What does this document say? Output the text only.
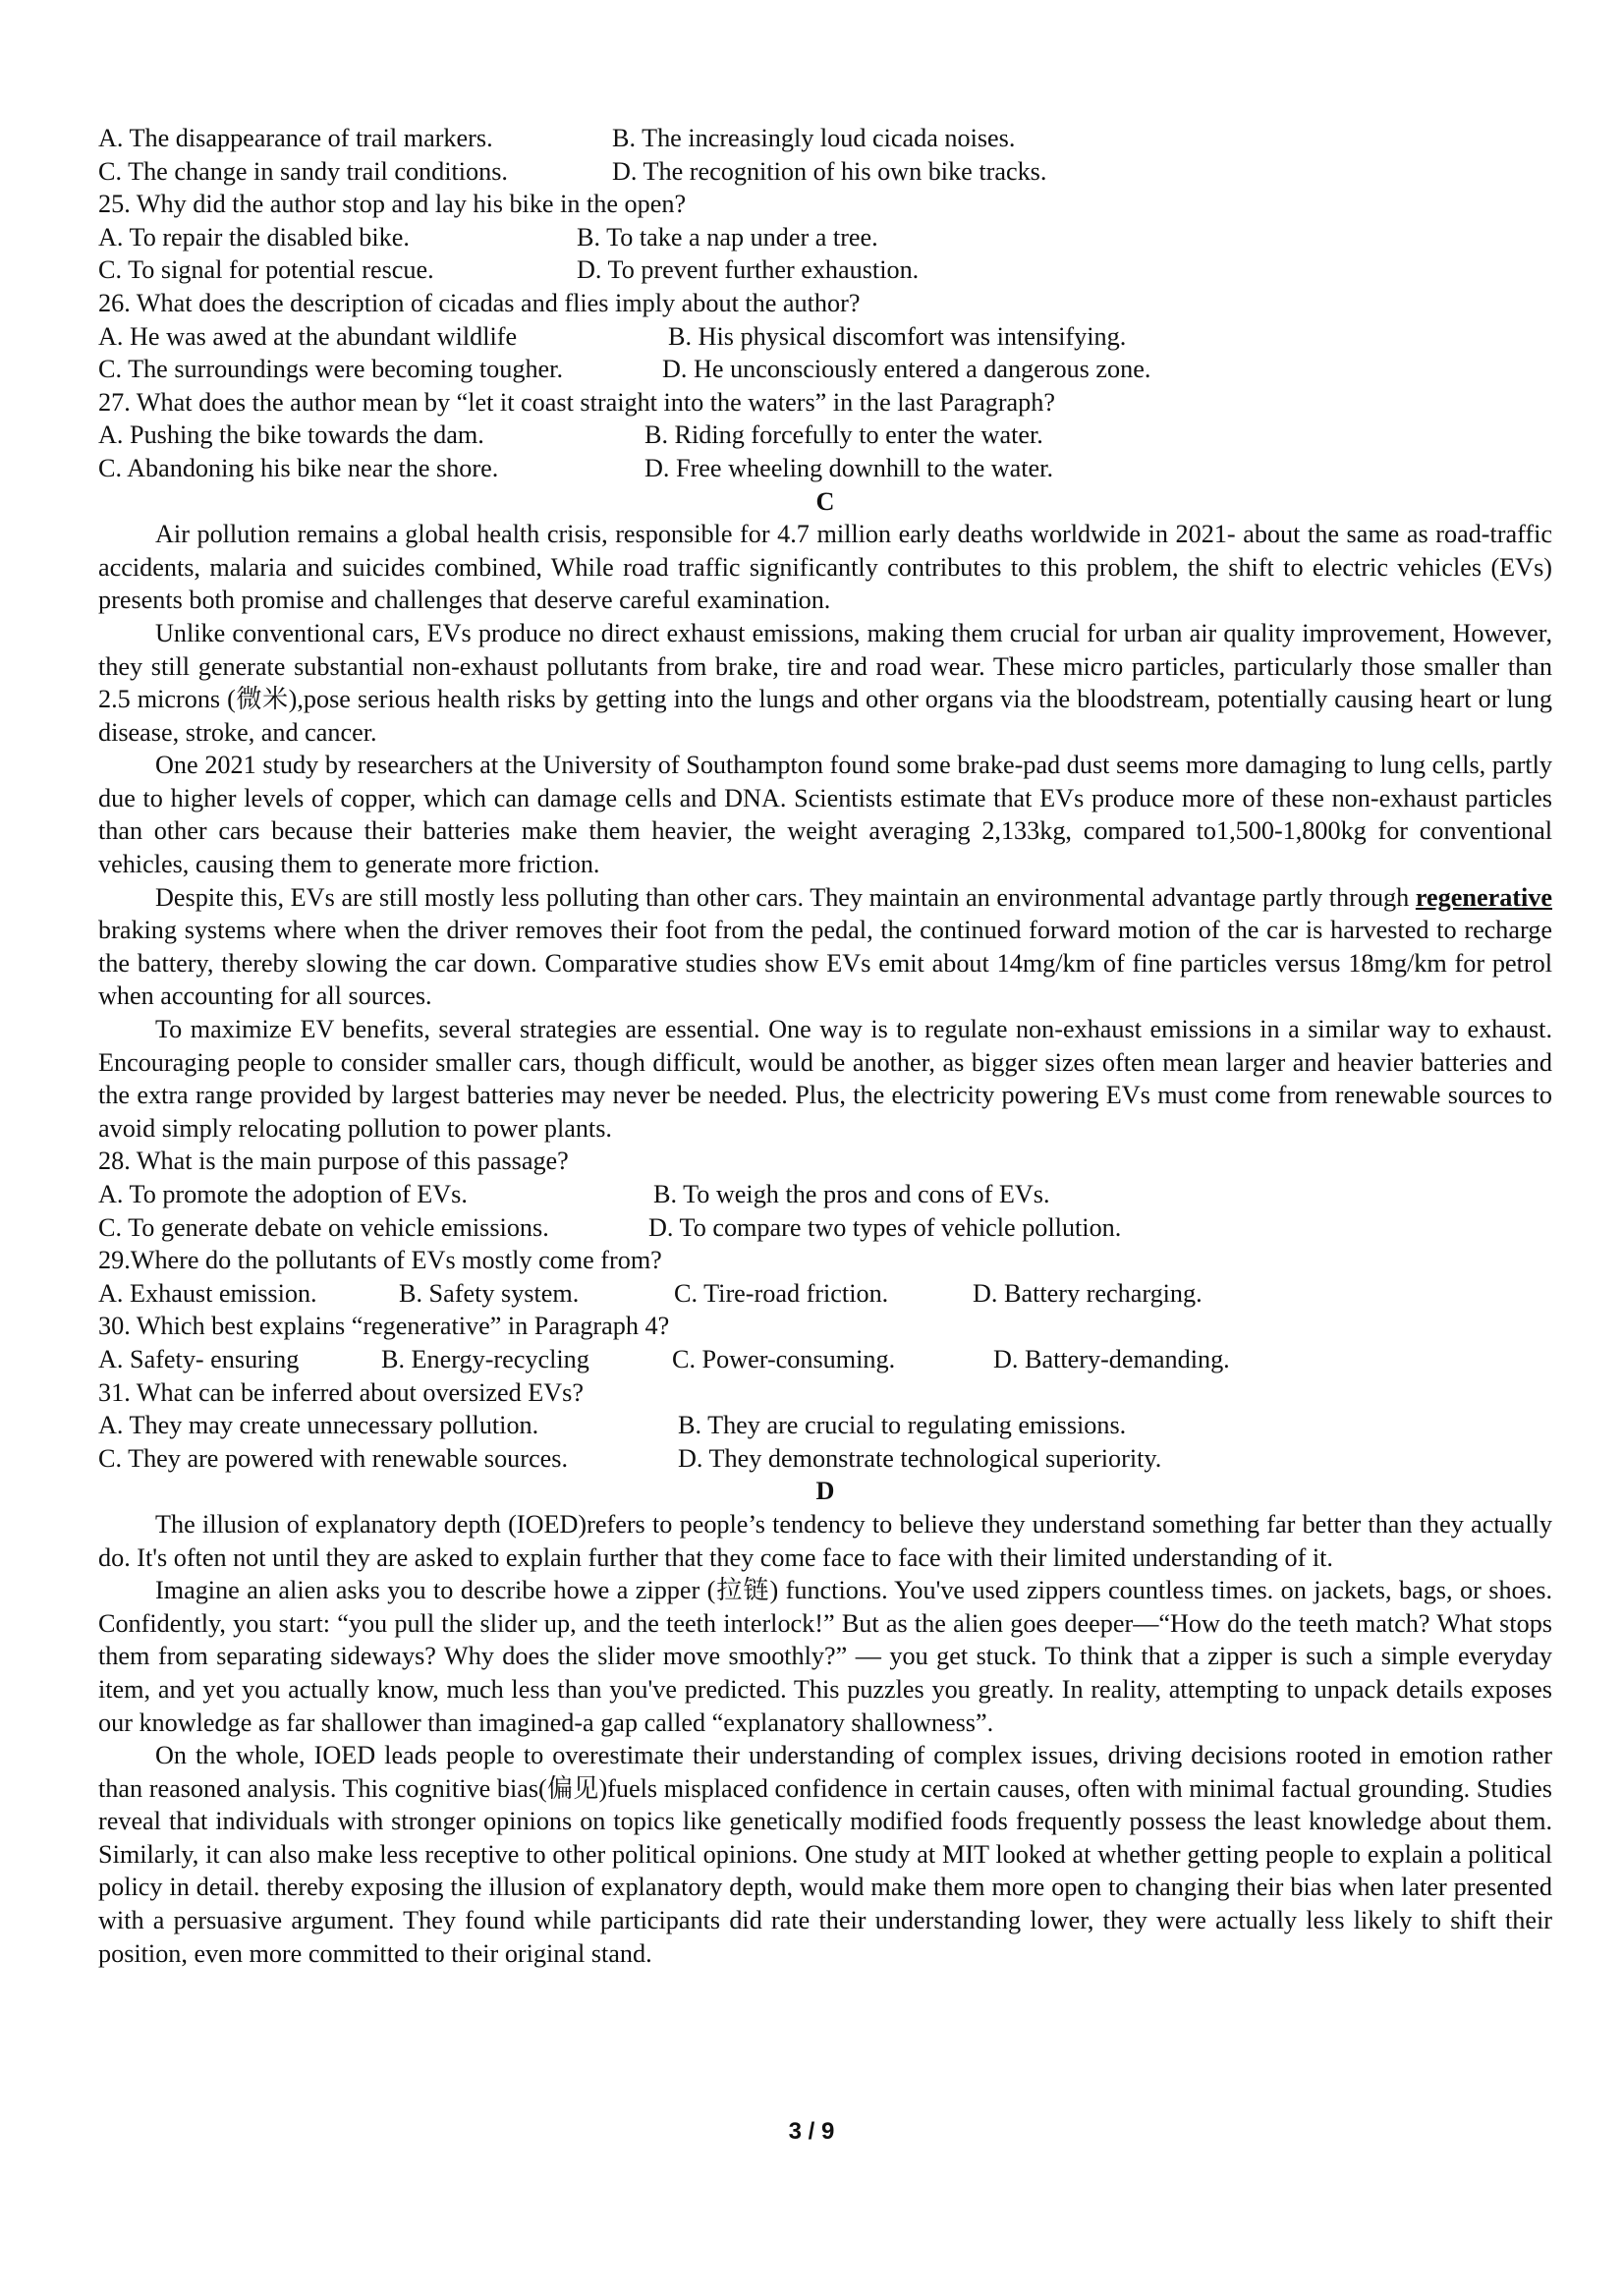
A. The disappearance of trail markers.	B. The increasingly loud cicada noises.
C. The change in sandy trail conditions.	D. The recognition of his own bike tracks.
25. Why did the author stop and lay his bike in the open?
A. To repair the disabled bike.	B. To take a nap under a tree.
C. To signal for potential rescue.	D. To prevent further exhaustion.
26. What does the description of cicadas and flies imply about the author?
A. He was awed at the abundant wildlife	B. His physical discomfort was intensifying.
C. The surroundings were becoming tougher.	D. He unconsciously entered a dangerous zone.
27. What does the author mean by “let it coast straight into the waters” in the last Paragraph?
A. Pushing the bike towards the dam.	B. Riding forcefully to enter the water.
C. Abandoning his bike near the shore.	D. Free wheeling downhill to the water.
C

Air pollution remains a global health crisis, responsible for 4.7 million early deaths worldwide in 2021- about the same as road-traffic accidents, malaria and suicides combined, While road traffic significantly contributes to this problem, the shift to electric vehicles (EVs) presents both promise and challenges that deserve careful examination.

Unlike conventional cars, EVs produce no direct exhaust emissions, making them crucial for urban air quality improvement, However, they still generate substantial non-exhaust pollutants from brake, tire and road wear. These micro particles, particularly those smaller than 2.5 microns (微米),pose serious health risks by getting into the lungs and other organs via the bloodstream, potentially causing heart or lung disease, stroke, and cancer.

One 2021 study by researchers at the University of Southampton found some brake-pad dust seems more damaging to lung cells, partly due to higher levels of copper, which can damage cells and DNA. Scientists estimate that EVs produce more of these non-exhaust particles than other cars because their batteries make them heavier, the weight averaging 2,133kg, compared to1,500-1,800kg for conventional vehicles, causing them to generate more friction.

Despite this, EVs are still mostly less polluting than other cars. They maintain an environmental advantage partly through regenerative braking systems where when the driver removes their foot from the pedal, the continued forward motion of the car is harvested to recharge the battery, thereby slowing the car down. Comparative studies show EVs emit about 14mg/km of fine particles versus 18mg/km for petrol when accounting for all sources.

To maximize EV benefits, several strategies are essential. One way is to regulate non-exhaust emissions in a similar way to exhaust. Encouraging people to consider smaller cars, though difficult, would be another, as bigger sizes often mean larger and heavier batteries and the extra range provided by largest batteries may never be needed. Plus, the electricity powering EVs must come from renewable sources to avoid simply relocating pollution to power plants.

28. What is the main purpose of this passage?
A. To promote the adoption of EVs.	B. To weigh the pros and cons of EVs.
C. To generate debate on vehicle emissions.	D. To compare two types of vehicle pollution.
29.Where do the pollutants of EVs mostly come from?
A. Exhaust emission.	B. Safety system.	C. Tire-road friction.	D. Battery recharging.
30. Which best explains “regenerative” in Paragraph 4?
A. Safety- ensuring	B. Energy-recycling	C. Power-consuming.	D. Battery-demanding.
31. What can be inferred about oversized EVs?
A. They may create unnecessary pollution.	B. They are crucial to regulating emissions.
C. They are powered with renewable sources.	D. They demonstrate technological superiority.
D

The illusion of explanatory depth (IOED)refers to people’s tendency to believe they understand something far better than they actually do. It's often not until they are asked to explain further that they come face to face with their limited understanding of it.

Imagine an alien asks you to describe howe a zipper (拉链) functions. You've used zippers countless times. on jackets, bags, or shoes. Confidently, you start: “you pull the slider up, and the teeth interlock!” But as the alien goes deeper—“How do the teeth match? What stops them from separating sideways? Why does the slider move smoothly?” — you get stuck. To think that a zipper is such a simple everyday item, and yet you actually know, much less than you've predicted. This puzzles you greatly. In reality, attempting to unpack details exposes our knowledge as far shallower than imagined-a gap called “explanatory shallowness”.

On the whole, IOED leads people to overestimate their understanding of complex issues, driving decisions rooted in emotion rather than reasoned analysis. This cognitive bias(偏见)fuels misplaced confidence in certain causes, often with minimal factual grounding. Studies reveal that individuals with stronger opinions on topics like genetically modified foods frequently possess the least knowledge about them. Similarly, it can also make less receptive to other political opinions. One study at MIT looked at whether getting people to explain a political policy in detail. thereby exposing the illusion of explanatory depth, would make them more open to changing their bias when later presented with a persuasive argument. They found while participants did rate their understanding lower, they were actually less likely to shift their position, even more committed to their original stand.

3 / 9
